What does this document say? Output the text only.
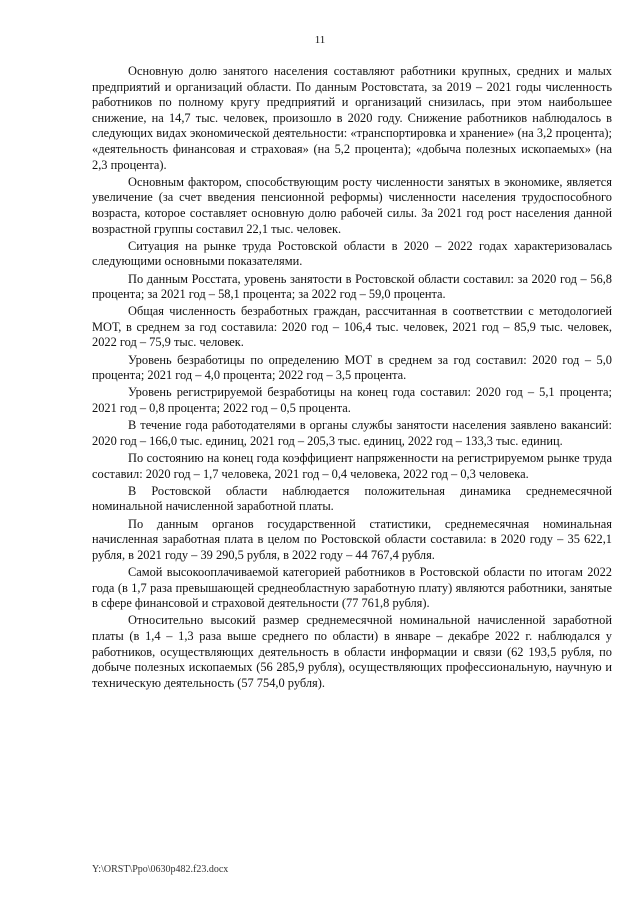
11

Основную долю занятого населения составляют работники крупных, средних и малых предприятий и организаций области. По данным Ростовстата, за 2019 – 2021 годы численность работников по полному кругу предприятий и организаций снизилась, при этом наибольшее снижение, на 14,7 тыс. человек, произошло в 2020 году. Снижение работников наблюдалось в следующих видах экономической деятельности: «транспортировка и хранение» (на 3,2 процента); «деятельность финансовая и страховая» (на 5,2 процента); «добыча полезных ископаемых» (на 2,3 процента).

Основным фактором, способствующим росту численности занятых в экономике, является увеличение (за счет введения пенсионной реформы) численности населения трудоспособного возраста, которое составляет основную долю рабочей силы. За 2021 год рост населения данной возрастной группы составил 22,1 тыс. человек.

Ситуация на рынке труда Ростовской области в 2020 – 2022 годах характеризовалась следующими основными показателями.

По данным Росстата, уровень занятости в Ростовской области составил: за 2020 год – 56,8 процента; за 2021 год – 58,1 процента; за 2022 год – 59,0 процента.

Общая численность безработных граждан, рассчитанная в соответствии с методологией МОТ, в среднем за год составила: 2020 год – 106,4 тыс. человек, 2021 год – 85,9 тыс. человек, 2022 год – 75,9 тыс. человек.

Уровень безработицы по определению МОТ в среднем за год составил: 2020 год – 5,0 процента; 2021 год – 4,0 процента; 2022 год – 3,5 процента.

Уровень регистрируемой безработицы на конец года составил: 2020 год – 5,1 процента; 2021 год – 0,8 процента; 2022 год – 0,5 процента.

В течение года работодателями в органы службы занятости населения заявлено вакансий: 2020 год – 166,0 тыс. единиц, 2021 год – 205,3 тыс. единиц, 2022 год – 133,3 тыс. единиц.

По состоянию на конец года коэффициент напряженности на регистрируемом рынке труда составил: 2020 год – 1,7 человека, 2021 год – 0,4 человека, 2022 год – 0,3 человека.

В Ростовской области наблюдается положительная динамика среднемесячной номинальной начисленной заработной платы.

По данным органов государственной статистики, среднемесячная номинальная начисленная заработная плата в целом по Ростовской области составила: в 2020 году – 35 622,1 рубля, в 2021 году – 39 290,5 рубля, в 2022 году – 44 767,4 рубля.

Самой высокооплачиваемой категорией работников в Ростовской области по итогам 2022 года (в 1,7 раза превышающей среднеобластную заработную плату) являются работники, занятые в сфере финансовой и страховой деятельности (77 761,8 рубля).

Относительно высокий размер среднемесячной номинальной начисленной заработной платы (в 1,4 – 1,3 раза выше среднего по области) в январе – декабре 2022 г. наблюдался у работников, осуществляющих деятельность в области информации и связи (62 193,5 рубля, по добыче полезных ископаемых (56 285,9 рубля), осуществляющих профессиональную, научную и техническую деятельность (57 754,0 рубля).

Y:\ORST\Ppo\0630p482.f23.docx
